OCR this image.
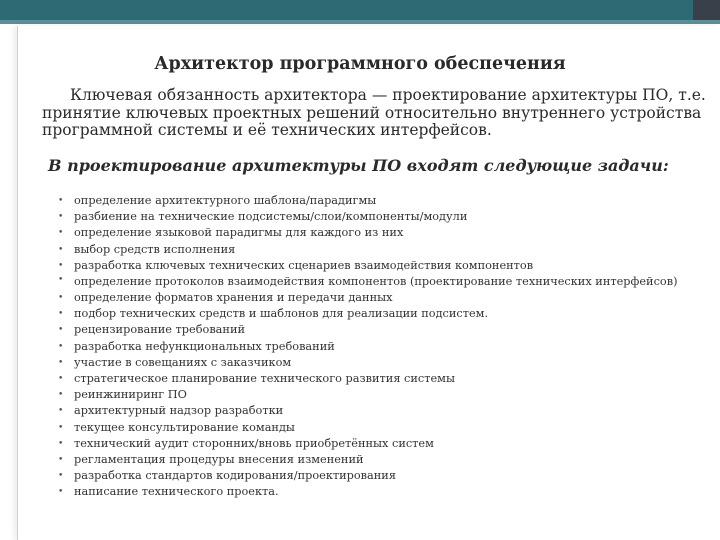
Архитектор программного обеспечения
Ключевая обязанность архитектора — проектирование архитектуры ПО, т.е.
принятие ключевых проектных решений относительно внутреннего устройства программной системы и её технических интерфейсов.
В проектирование архитектуры ПО входят следующие задачи:
• определение архитектурного шаблона/парадигмы
• разбиение на технические подсистемы/слои/компоненты/модули
• определение языковой парадигмы для каждого из них
• выбор средств исполнения
• разработка ключевых технических сценариев взаимодействия компонентов
• определение протоколов взаимодействия компонентов (проектирование технических интерфейсов)
• определение форматов хранения и передачи данных
• подбор технических средств и шаблонов для реализации подсистем.
• рецензирование требований
• разработка нефункциональных требований
• участие в совещаниях с заказчиком
• стратегическое планирование технического развития системы
• реинжиниринг ПО
• архитектурный надзор разработки
• текущее консультирование команды
• технический аудит сторонних/вновь приобретённых систем
• регламентация процедуры внесения изменений
• разработка стандартов кодирования/проектирования
• написание технического проекта.
